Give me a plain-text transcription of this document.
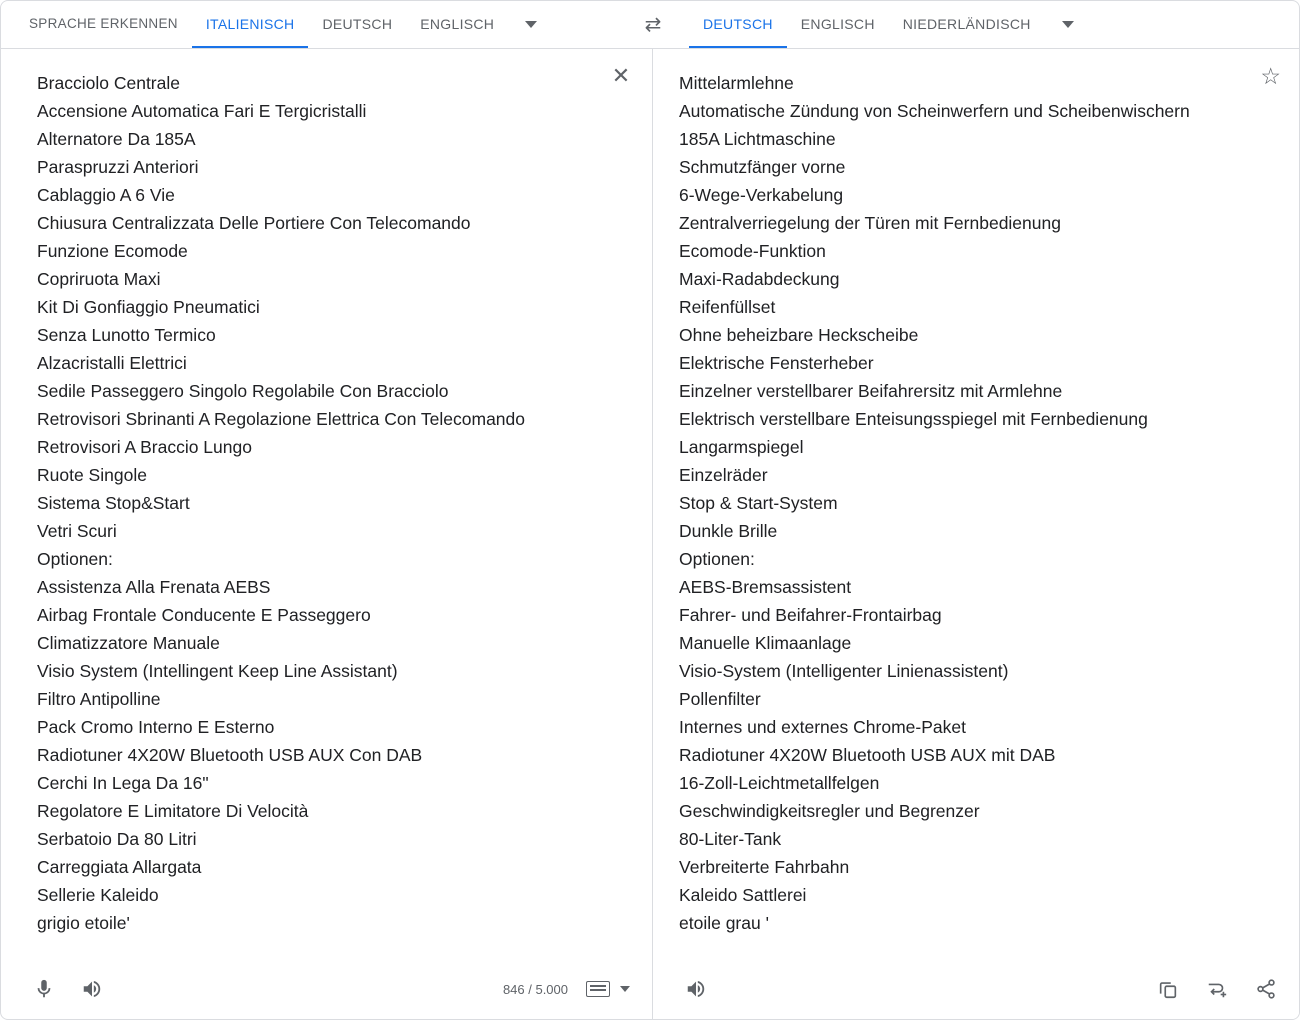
SPRACHE ERKENNEN	ITALIENISCH	DEUTSCH	ENGLISCH	⇄	DEUTSCH	ENGLISCH	NIEDERLÄNDISCH
✕
Bracciolo Centrale
Accensione Automatica Fari E Tergicristalli
Alternatore Da 185A
Paraspruzzi Anteriori
Cablaggio A 6 Vie
Chiusura Centralizzata Delle Portiere Con Telecomando
Funzione Ecomode
Copriruota Maxi
Kit Di Gonfiaggio Pneumatici
Senza Lunotto Termico
Alzacristalli Elettrici
Sedile Passeggero Singolo Regolabile Con Bracciolo
Retrovisori Sbrinanti A Regolazione Elettrica Con Telecomando
Retrovisori A Braccio Lungo
Ruote Singole
Sistema Stop&Start
Vetri Scuri
Optionen:
Assistenza Alla Frenata AEBS
Airbag Frontale Conducente E Passeggero
Climatizzatore Manuale
Visio System (Intellingent Keep Line Assistant)
Filtro Antipolline
Pack Cromo Interno E Esterno
Radiotuner 4X20W Bluetooth USB AUX Con DAB
Cerchi In Lega Da 16"
Regolatore E Limitatore Di Velocità
Serbatoio Da 80 Litri
Carreggiata Allargata
Sellerie Kaleido
grigio etoile'
846 / 5.000
☆
Mittelarmlehne
Automatische Zündung von Scheinwerfern und Scheibenwischern
185A Lichtmaschine
Schmutzfänger vorne
6-Wege-Verkabelung
Zentralverriegelung der Türen mit Fernbedienung
Ecomode-Funktion
Maxi-Radabdeckung
Reifenfüllset
Ohne beheizbare Heckscheibe
Elektrische Fensterheber
Einzelner verstellbarer Beifahrersitz mit Armlehne
Elektrisch verstellbare Enteisungsspiegel mit Fernbedienung
Langarmspiegel
Einzelräder
Stop & Start-System
Dunkle Brille
Optionen:
AEBS-Bremsassistent
Fahrer- und Beifahrer-Frontairbag
Manuelle Klimaanlage
Visio-System (Intelligenter Linienassistent)
Pollenfilter
Internes und externes Chrome-Paket
Radiotuner 4X20W Bluetooth USB AUX mit DAB
16-Zoll-Leichtmetallfelgen
Geschwindigkeitsregler und Begrenzer
80-Liter-Tank
Verbreiterte Fahrbahn
Kaleido Sattlerei
etoile grau '
